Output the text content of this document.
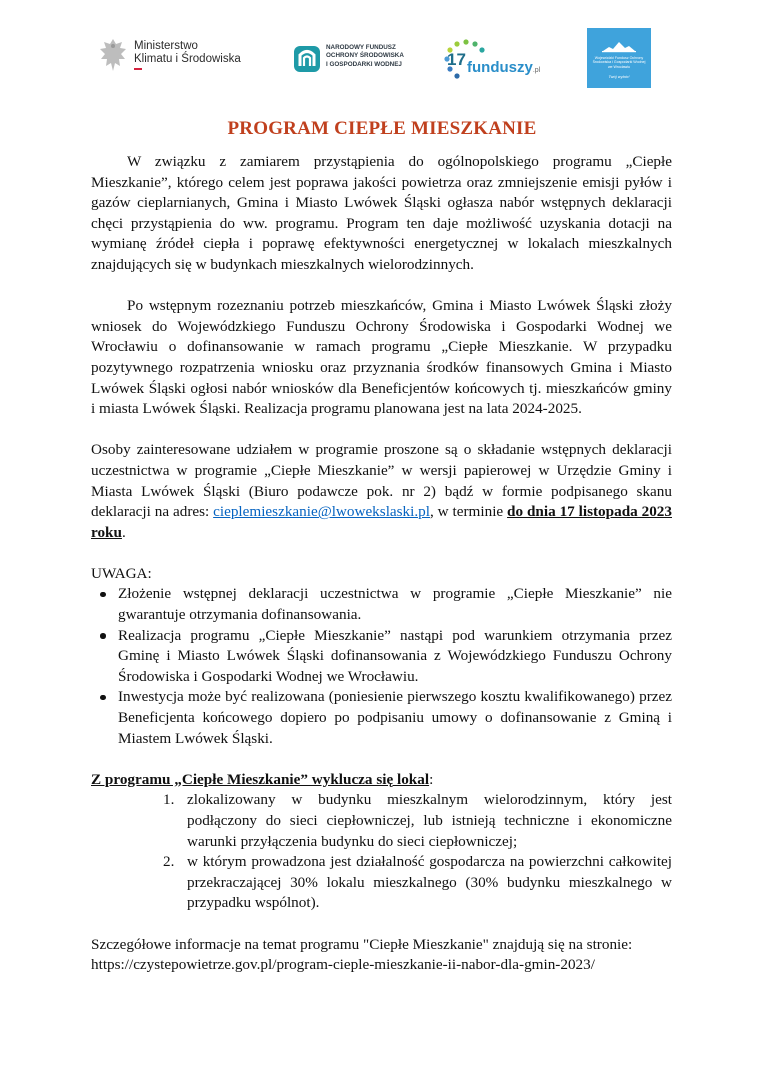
Ministerstwo
Klimatu i Środowiska
NARODOWY FUNDUSZ
OCHRONY ŚRODOWISKA
I GOSPODARKI WODNEJ	17 funduszy.pl
Wojewódzki Fundusz Ochrony Środowiska i Gospodarki Wodnej we Wrocławiu
Twój wybór!
PROGRAM CIEPŁE MIESZKANIE

W związku z zamiarem przystąpienia do ogólnopolskiego programu „Ciepłe Mieszkanie”, którego celem jest poprawa jakości powietrza oraz zmniejszenie emisji pyłów i gazów cieplarnianych, Gmina i Miasto Lwówek Śląski ogłasza nabór wstępnych deklaracji chęci przystąpienia do ww. programu. Program ten daje możliwość uzyskania dotacji na wymianę źródeł ciepła i poprawę efektywności energetycznej w lokalach mieszkalnych znajdujących się w budynkach mieszkalnych wielorodzinnych.

Po wstępnym rozeznaniu potrzeb mieszkańców, Gmina i Miasto Lwówek Śląski złoży wniosek do Wojewódzkiego Funduszu Ochrony Środowiska i Gospodarki Wodnej we Wrocławiu o dofinansowanie w ramach programu „Ciepłe Mieszkanie. W przypadku pozytywnego rozpatrzenia wniosku oraz przyznania środków finansowych Gmina i Miasto Lwówek Śląski ogłosi nabór wniosków dla Beneficjentów końcowych tj. mieszkańców gminy i miasta Lwówek Śląski. Realizacja programu planowana jest na lata 2024-2025.

Osoby zainteresowane udziałem w programie proszone są o składanie wstępnych deklaracji uczestnictwa w programie „Ciepłe Mieszkanie” w wersji papierowej w Urzędzie Gminy i Miasta Lwówek Śląski (Biuro podawcze pok. nr 2) bądź w formie podpisanego skanu deklaracji na adres: cieplemieszkanie@lwowekslaski.pl, w terminie do dnia 17 listopada 2023 roku.

UWAGA:

Złożenie wstępnej deklaracji uczestnictwa w programie „Ciepłe Mieszkanie” nie gwarantuje otrzymania dofinansowania.
Realizacja programu „Ciepłe Mieszkanie” nastąpi pod warunkiem otrzymania przez Gminę i Miasto Lwówek Śląski dofinansowania z Wojewódzkiego Funduszu Ochrony Środowiska i Gospodarki Wodnej we Wrocławiu.
Inwestycja może być realizowana (poniesienie pierwszego kosztu kwalifikowanego) przez Beneficjenta końcowego dopiero po podpisaniu umowy o dofinansowanie z Gminą i Miastem Lwówek Śląski.

Z programu „Ciepłe Mieszkanie” wyklucza się lokal:

1. zlokalizowany w budynku mieszkalnym wielorodzinnym, który jest podłączony do sieci ciepłowniczej, lub istnieją techniczne i ekonomiczne warunki przyłączenia budynku do sieci ciepłowniczej;
2. w którym prowadzona jest działalność gospodarcza na powierzchni całkowitej przekraczającej 30% lokalu mieszkalnego (30% budynku mieszkalnego w przypadku wspólnot).

Szczegółowe informacje na temat programu "Ciepłe Mieszkanie" znajdują się na stronie:

https://czystepowietrze.gov.pl/program-cieple-mieszkanie-ii-nabor-dla-gmin-2023/
